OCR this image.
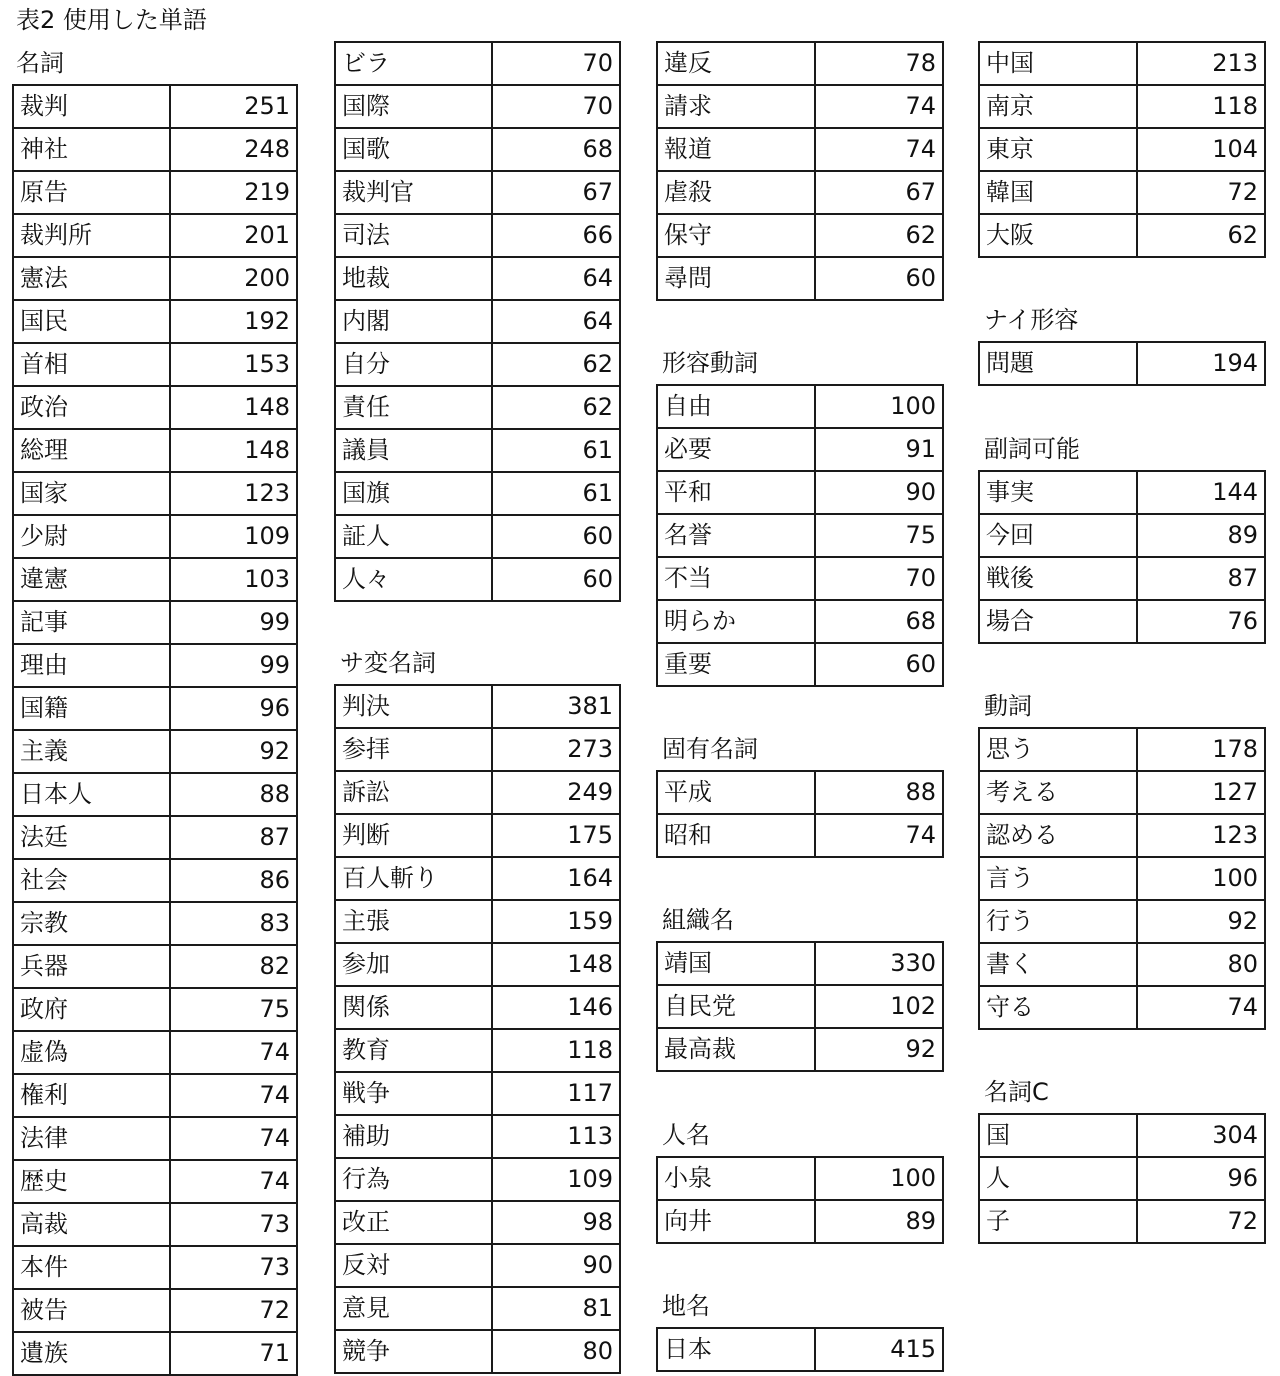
表2 使用した単語
名詞
裁判	251
神社	248
原告	219
裁判所	201
憲法	200
国民	192
首相	153
政治	148
総理	148
国家	123
少尉	109
違憲	103
記事	99
理由	99
国籍	96
主義	92
日本人	88
法廷	87
社会	86
宗教	83
兵器	82
政府	75
虚偽	74
権利	74
法律	74
歴史	74
高裁	73
本件	73
被告	72
遺族	71
ビラ	70
国際	70
国歌	68
裁判官	67
司法	66
地裁	64
内閣	64
自分	62
責任	62
議員	61
国旗	61
証人	60
人々	60
サ変名詞
判決	381
参拝	273
訴訟	249
判断	175
百人斬り	164
主張	159
参加	148
関係	146
教育	118
戦争	117
補助	113
行為	109
改正	98
反対	90
意見	81
競争	80
違反	78
請求	74
報道	74
虐殺	67
保守	62
尋問	60
形容動詞
自由	100
必要	91
平和	90
名誉	75
不当	70
明らか	68
重要	60
固有名詞
平成	88
昭和	74
組織名
靖国	330
自民党	102
最高裁	92
人名
小泉	100
向井	89
地名
日本	415
中国	213
南京	118
東京	104
韓国	72
大阪	62
ナイ形容
問題	194
副詞可能
事実	144
今回	89
戦後	87
場合	76
動詞
思う	178
考える	127
認める	123
言う	100
行う	92
書く	80
守る	74
名詞C
国	304
人	96
子	72
